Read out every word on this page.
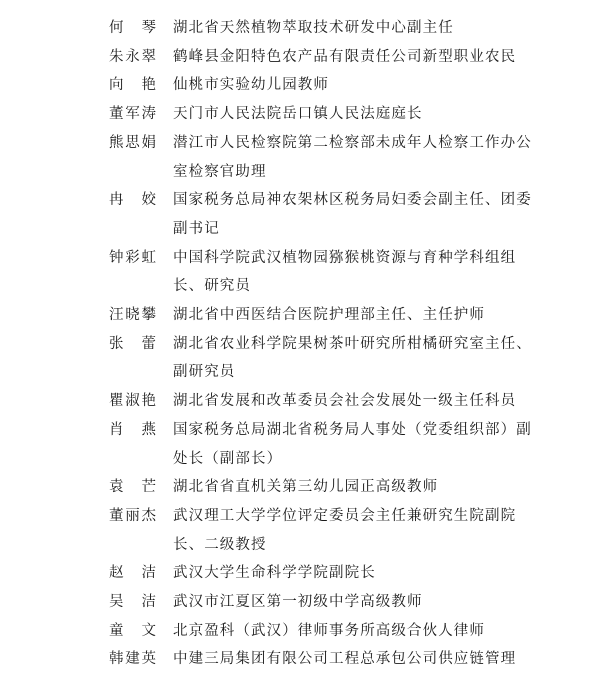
何　琴 湖北省天然植物萃取技术研发中心副主任
朱永翠 鹤峰县金阳特色农产品有限责任公司新型职业农民
向　艳 仙桃市实验幼儿园教师
董军涛 天门市人民法院岳口镇人民法庭庭长
熊思娟 潜江市人民检察院第二检察部未成年人检察工作办公室检察官助理
冉　姣 国家税务总局神农架林区税务局妇委会副主任、团委副书记
钟彩虹 中国科学院武汉植物园猕猴桃资源与育种学科组组长、研究员
汪晓攀 湖北省中西医结合医院护理部主任、主任护师
张　蕾 湖北省农业科学院果树茶叶研究所柑橘研究室主任、副研究员
瞿淑艳 湖北省发展和改革委员会社会发展处一级主任科员
肖　燕 国家税务总局湖北省税务局人事处（党委组织部）副处长（副部长）
袁　芒 湖北省省直机关第三幼儿园正高级教师
董丽杰 武汉理工大学学位评定委员会主任兼研究生院副院长、二级教授
赵　洁 武汉大学生命科学学院副院长
吴　洁 武汉市江夏区第一初级中学高级教师
童　文 北京盈科（武汉）律师事务所高级合伙人律师
韩建英 中建三局集团有限公司工程总承包公司供应链管理
